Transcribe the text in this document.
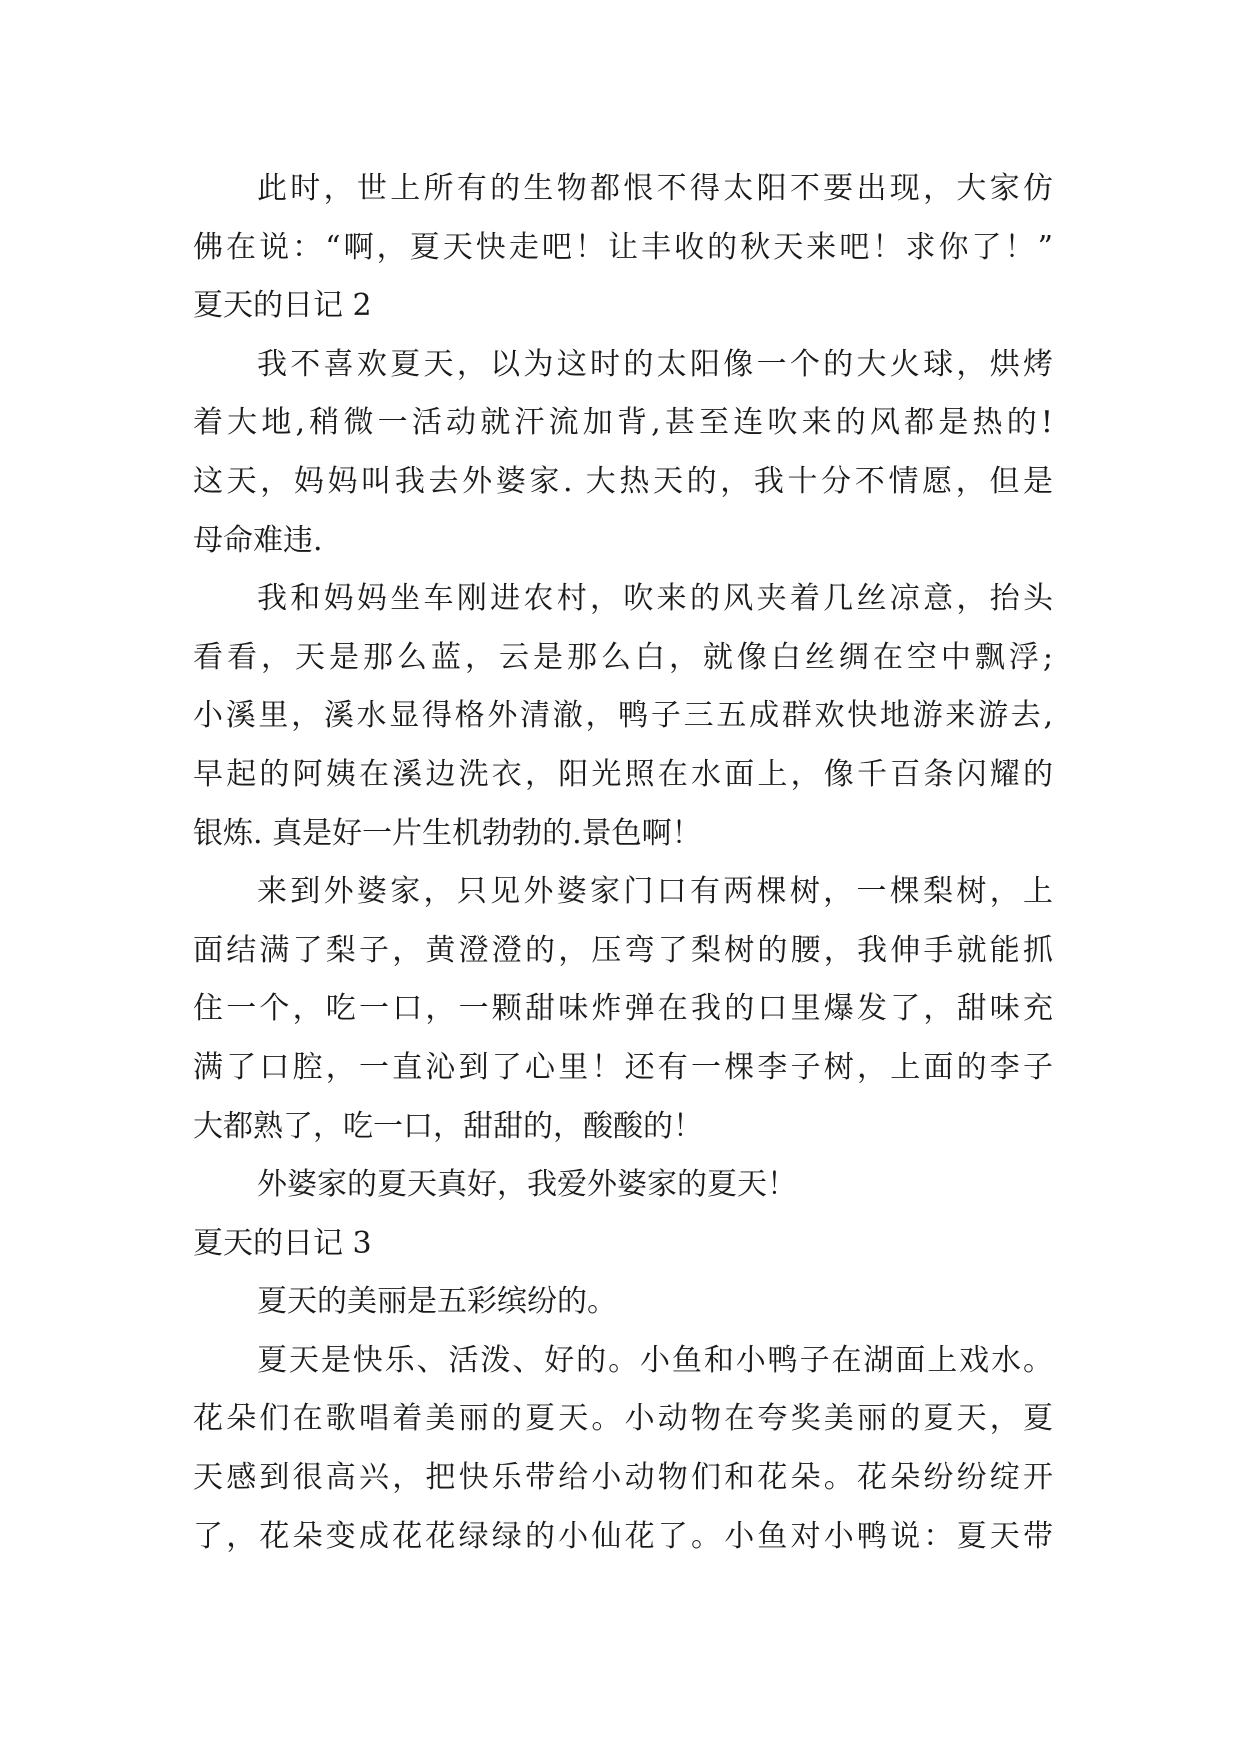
此时，世上所有的生物都恨不得太阳不要出现，大家仿
佛在说：“啊，夏天快走吧！让丰收的秋天来吧！求你了！”
夏天的日记 2
我不喜欢夏天，以为这时的太阳像一个的大火球，烘烤
着大地,稍微一活动就汗流加背,甚至连吹来的风都是热的!
这天，妈妈叫我去外婆家. 大热天的，我十分不情愿，但是
母命难违.
我和妈妈坐车刚进农村，吹来的风夹着几丝凉意，抬头
看看，天是那么蓝，云是那么白，就像白丝绸在空中飘浮;
小溪里，溪水显得格外清澈，鸭子三五成群欢快地游来游去,
早起的阿姨在溪边洗衣，阳光照在水面上，像千百条闪耀的
银炼. 真是好一片生机勃勃的.景色啊！
来到外婆家，只见外婆家门口有两棵树，一棵梨树，上
面结满了梨子，黄澄澄的，压弯了梨树的腰，我伸手就能抓
住一个，吃一口，一颗甜味炸弹在我的口里爆发了，甜味充
满了口腔，一直沁到了心里！还有一棵李子树，上面的李子
大都熟了，吃一口，甜甜的，酸酸的！
外婆家的夏天真好，我爱外婆家的夏天！
夏天的日记 3
夏天的美丽是五彩缤纷的。
夏天是快乐、活泼、好的。小鱼和小鸭子在湖面上戏水。
花朵们在歌唱着美丽的夏天。小动物在夸奖美丽的夏天，夏
天感到很高兴，把快乐带给小动物们和花朵。花朵纷纷绽开
了，花朵变成花花绿绿的小仙花了。小鱼对小鸭说：夏天带
